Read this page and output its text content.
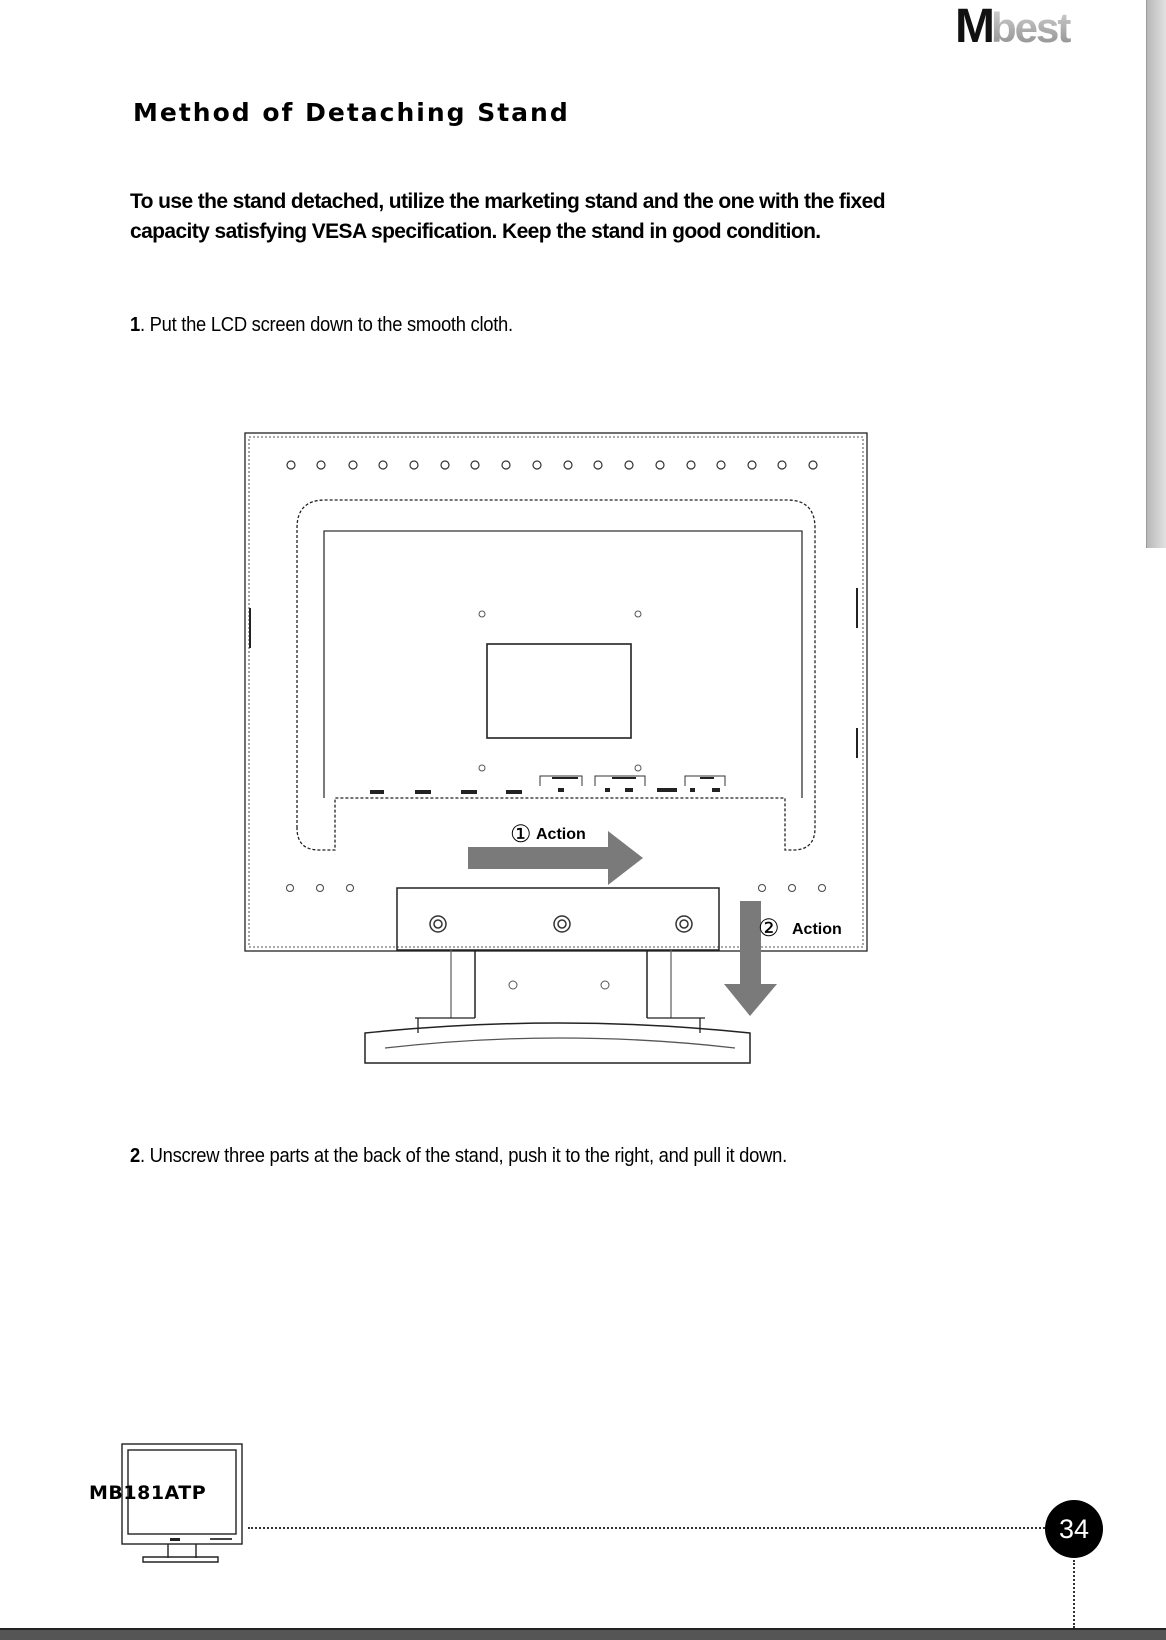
M best
Method of Detaching Stand

To use the stand detached, utilize the marketing stand and the one with the fixed
capacity satisfying VESA specification. Keep the stand in good condition.

1. Put the LCD screen down to the smooth cloth.

① Action
② Action

2. Unscrew three parts at the back of the stand, push it to the right, and pull it down.

MB181ATP

34
